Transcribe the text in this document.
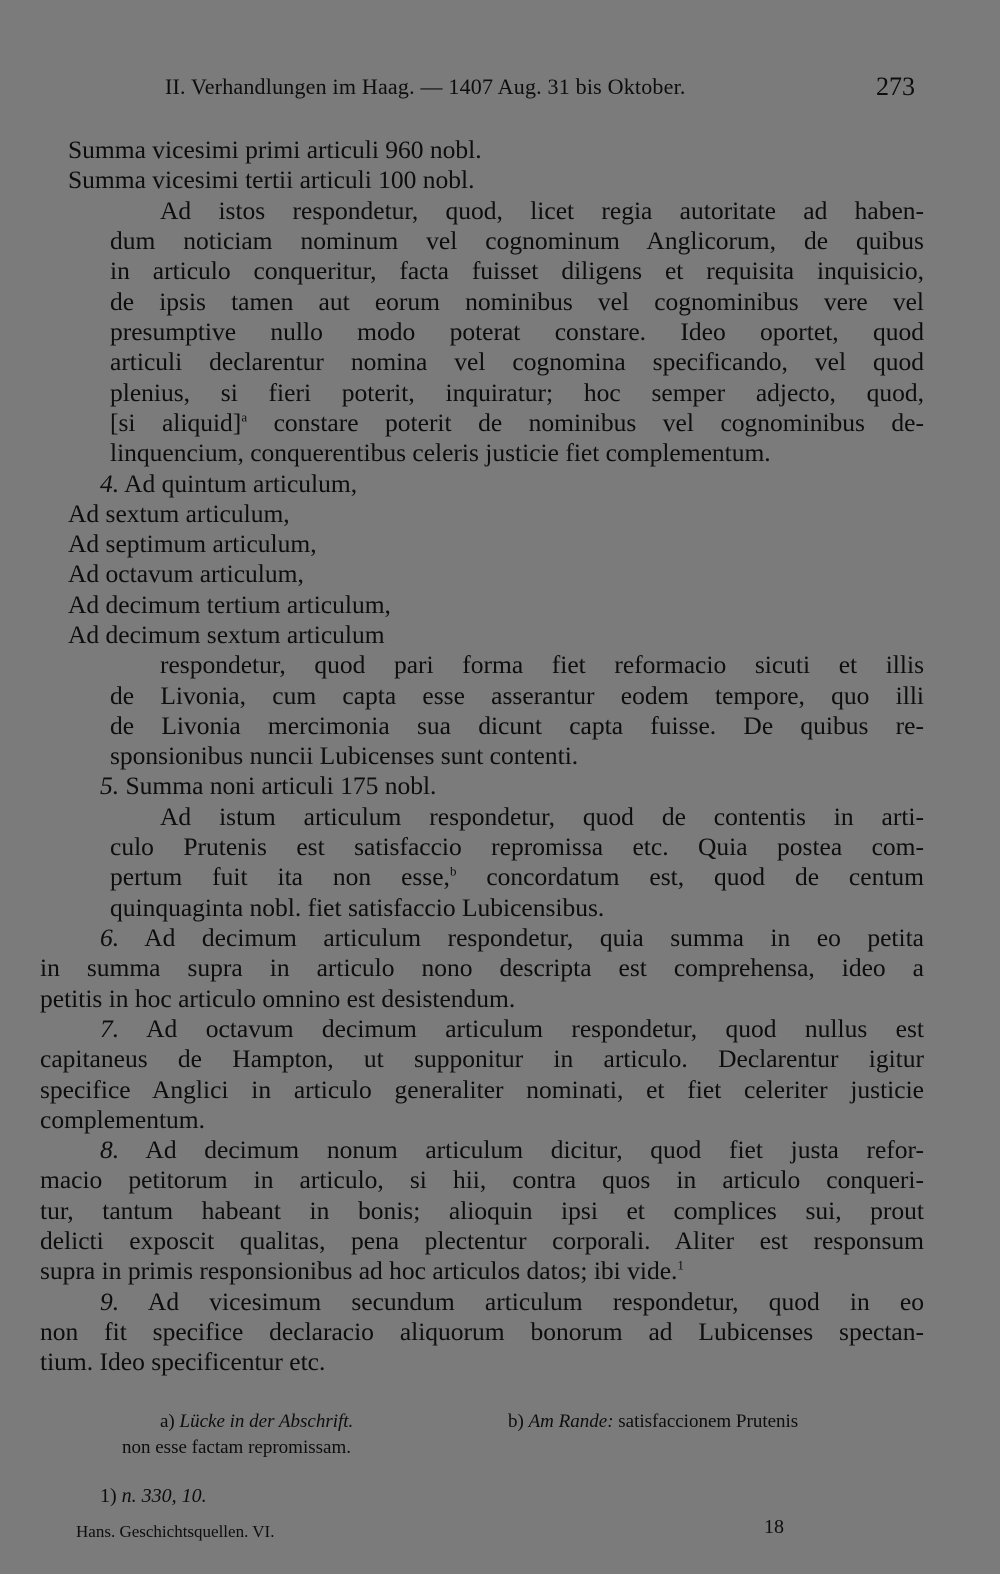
II. Verhandlungen im Haag. — 1407 Aug. 31 bis Oktober.	273
Summa vicesimi primi articuli 960 nobl.
Summa vicesimi tertii articuli 100 nobl.
Ad istos respondetur, quod, licet regia autoritate ad haben-
dum noticiam nominum vel cognominum Anglicorum, de quibus
in articulo conqueritur, facta fuisset diligens et requisita inquisicio,
de ipsis tamen aut eorum nominibus vel cognominibus vere vel
presumptive nullo modo poterat constare. Ideo oportet, quod
articuli declarentur nomina vel cognomina specificando, vel quod
plenius, si fieri poterit, inquiratur; hoc semper adjecto, quod,
[si aliquid]$^a$ constare poterit de nominibus vel cognominibus de-
linquencium, conquerentibus celeris justicie fiet complementum.
4. Ad quintum articulum,
Ad sextum articulum,
Ad septimum articulum,
Ad octavum articulum,
Ad decimum tertium articulum,
Ad decimum sextum articulum
respondetur, quod pari forma fiet reformacio sicuti et illis
de Livonia, cum capta esse asserantur eodem tempore, quo illi
de Livonia mercimonia sua dicunt capta fuisse. De quibus re-
sponsionibus nuncii Lubicenses sunt contenti.
5. Summa noni articuli 175 nobl.
Ad istum articulum respondetur, quod de contentis in arti-
culo Prutenis est satisfaccio repromissa etc. Quia postea com-
pertum fuit ita non esse,$^b$ concordatum est, quod de centum
quinquaginta nobl. fiet satisfaccio Lubicensibus.
6. Ad decimum articulum respondetur, quia summa in eo petita
in summa supra in articulo nono descripta est comprehensa, ideo a
petitis in hoc articulo omnino est desistendum.
7. Ad octavum decimum articulum respondetur, quod nullus est
capitaneus de Hampton, ut supponitur in articulo. Declarentur igitur
specifice Anglici in articulo generaliter nominati, et fiet celeriter justicie
complementum.
8. Ad decimum nonum articulum dicitur, quod fiet justa refor-
macio petitorum in articulo, si hii, contra quos in articulo conqueri-
tur, tantum habeant in bonis; alioquin ipsi et complices sui, prout
delicti exposcit qualitas, pena plectentur corporali. Aliter est responsum
supra in primis responsionibus ad hoc articulos datos; ibi vide.$^1$
9. Ad vicesimum secundum articulum respondetur, quod in eo
non fit specifice declaracio aliquorum bonorum ad Lubicenses spectan-
tium. Ideo specificentur etc.
a) Lücke in der Abschrift.	b) Am Rande: satisfaccionem Prutenis
non esse factam repromissam.
1) n. 330, 10.
Hans. Geschichtsquellen. VI.	18
